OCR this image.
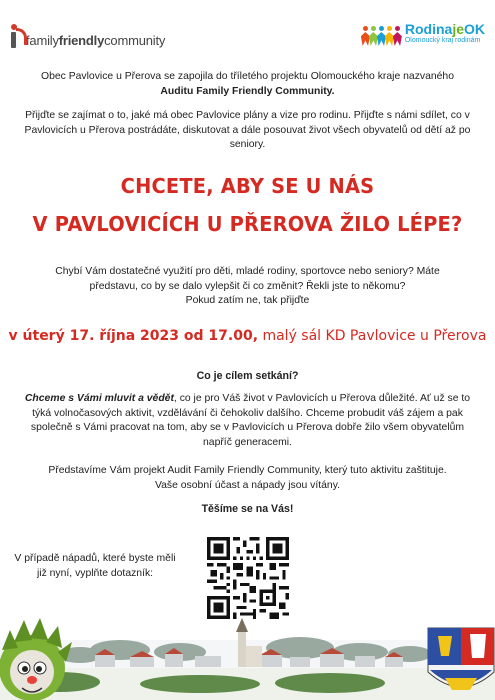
familyfriendlycommunity
RodinajeOK
Olomoucký kraj rodinám
Obec Pavlovice u Přerova se zapojila do tříletého projektu Olomouckého kraje nazvaného
Auditu Family Friendly Community.
Přijďte se zajímat o to, jaké má obec Pavlovice plány a vize pro rodinu. Přijďte s námi sdílet, co v Pavlovicích u Přerova postrádáte, diskutovat a dále posouvat život všech obyvatelů od dětí až po seniory.
CHCETE, ABY SE U NÁS
V PAVLOVICÍCH U PŘEROVA ŽILO LÉPE?
Chybí Vám dostatečné využití pro děti, mladé rodiny, sportovce nebo seniory? Máte představu, co by se dalo vylepšit či co změnit? Řekli jste to někomu?
Pokud zatím ne, tak přijďte
v úterý 17. října 2023 od 17.00, malý sál KD Pavlovice u Přerova
Co je cílem setkání?
Chceme s Vámi mluvit a vědět, co je pro Váš život v Pavlovicích u Přerova důležité. Ať už se to týká volnočasových aktivit, vzdělávání či čehokoliv dalšího. Chceme probudit váš zájem a pak společně s Vámi pracovat na tom, aby se v Pavlovicích u Přerova dobře žilo všem obyvatelům napříč generacemi.
Představíme Vám projekt Audit Family Friendly Community, který tuto aktivitu zaštituje. Vaše osobní účast a nápady jsou vítány.
Těšíme se na Vás!
V případě nápadů, které byste měli již nyní, vyplňte dotazník:
